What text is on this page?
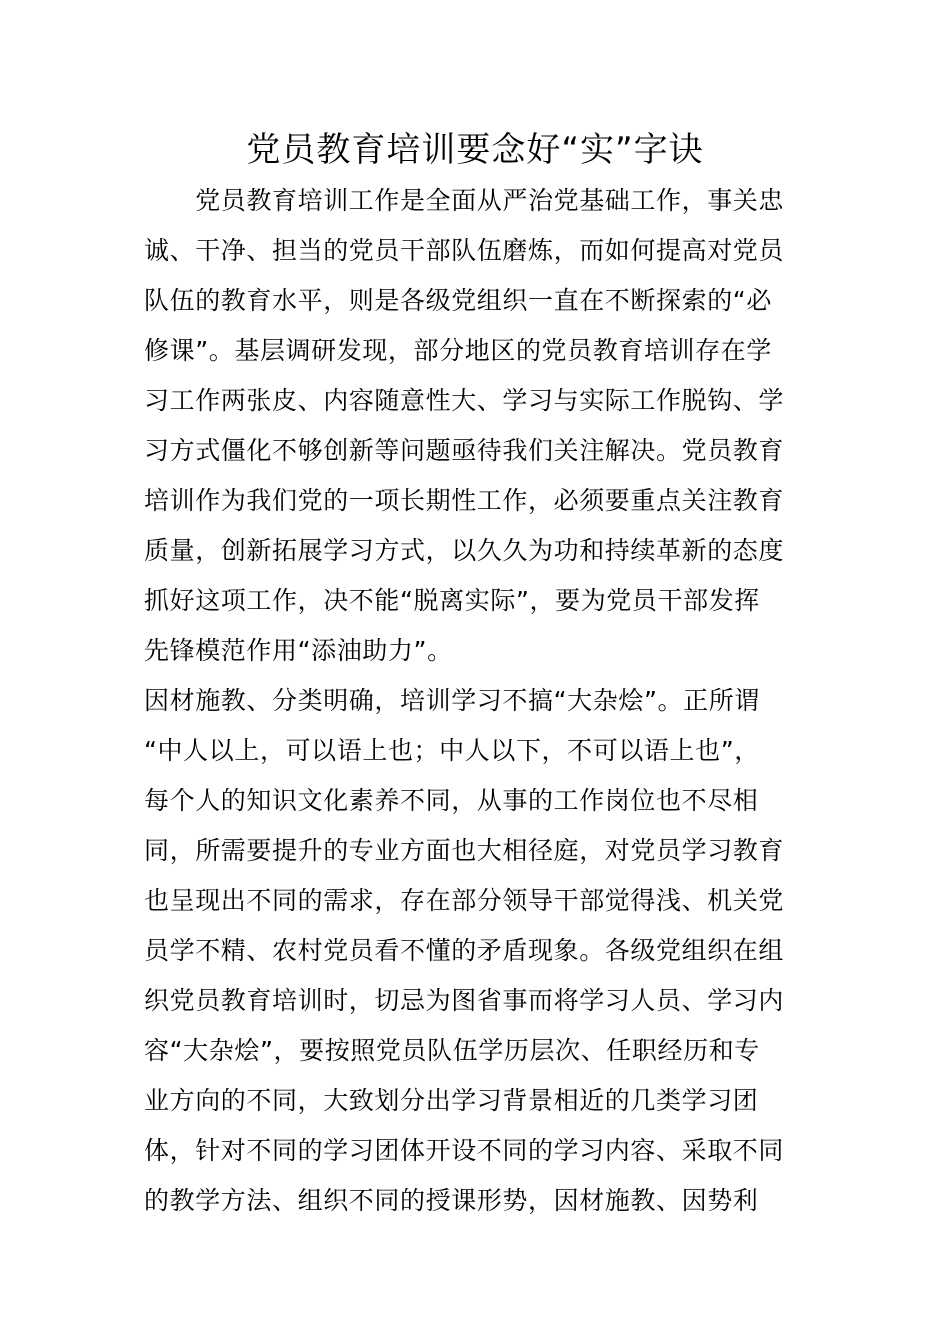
党员教育培训要念好“实”字诀
　　党员教育培训工作是全面从严治党基础工作，事关忠
诚、干净、担当的党员干部队伍磨炼，而如何提高对党员
队伍的教育水平，则是各级党组织一直在不断探索的“必
修课”。基层调研发现，部分地区的党员教育培训存在学
习工作两张皮、内容随意性大、学习与实际工作脱钩、学
习方式僵化不够创新等问题亟待我们关注解决。党员教育
培训作为我们党的一项长期性工作，必须要重点关注教育
质量，创新拓展学习方式，以久久为功和持续革新的态度
抓好这项工作，决不能“脱离实际”，要为党员干部发挥
先锋模范作用“添油助力”。
因材施教、分类明确，培训学习不搞“大杂烩”。正所谓
“中人以上，可以语上也；中人以下，不可以语上也”，
每个人的知识文化素养不同，从事的工作岗位也不尽相
同，所需要提升的专业方面也大相径庭，对党员学习教育
也呈现出不同的需求，存在部分领导干部觉得浅、机关党
员学不精、农村党员看不懂的矛盾现象。各级党组织在组
织党员教育培训时，切忌为图省事而将学习人员、学习内
容“大杂烩”，要按照党员队伍学历层次、任职经历和专
业方向的不同，大致划分出学习背景相近的几类学习团
体，针对不同的学习团体开设不同的学习内容、采取不同
的教学方法、组织不同的授课形势，因材施教、因势利
